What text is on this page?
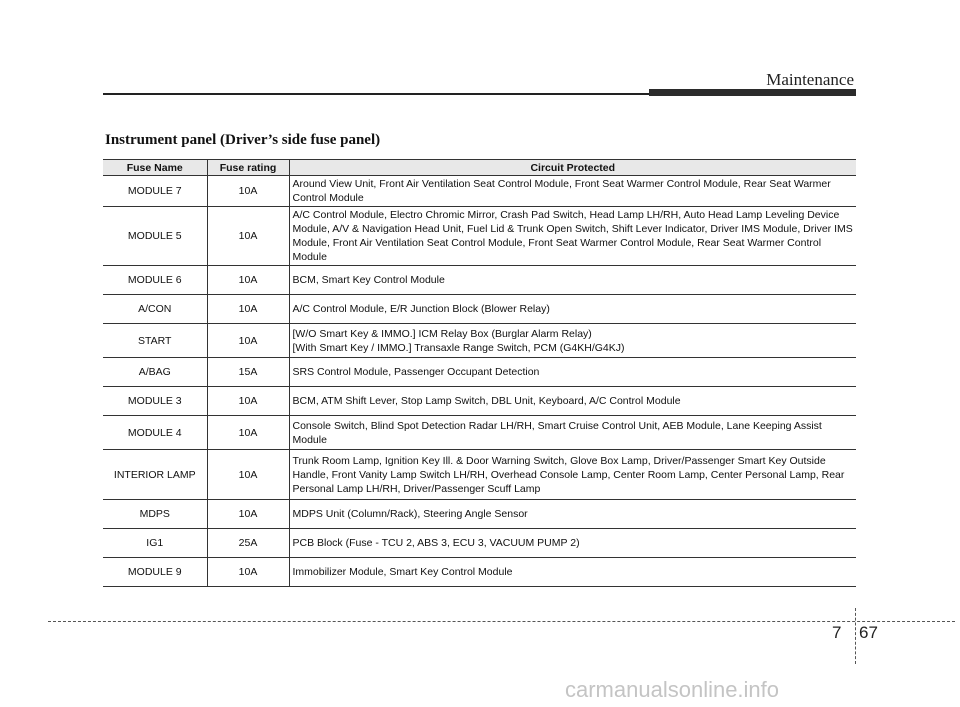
Maintenance
Instrument panel (Driver’s side fuse panel)
Fuse Name	Fuse rating	Circuit Protected
MODULE 7	10A	Around View Unit, Front Air Ventilation Seat Control Module, Front Seat Warmer Control Module, Rear Seat Warmer Control Module
MODULE 5	10A	A/C Control Module, Electro Chromic Mirror, Crash Pad Switch, Head Lamp LH/RH, Auto Head Lamp Leveling Device Module, A/V & Navigation Head Unit, Fuel Lid & Trunk Open Switch, Shift Lever Indicator, Driver IMS Module, Driver IMS Module, Front Air Ventilation Seat Control Module, Front Seat Warmer Control Module, Rear Seat Warmer Control Module
MODULE 6	10A	BCM, Smart Key Control Module
A/CON	10A	A/C Control Module, E/R Junction Block (Blower Relay)
START	10A	[W/O Smart Key & IMMO.] ICM Relay Box (Burglar Alarm Relay)
[With Smart Key / IMMO.] Transaxle Range Switch, PCM (G4KH/G4KJ)
A/BAG	15A	SRS Control Module, Passenger Occupant Detection
MODULE 3	10A	BCM, ATM Shift Lever, Stop Lamp Switch, DBL Unit, Keyboard, A/C Control Module
MODULE 4	10A	Console Switch, Blind Spot Detection Radar LH/RH, Smart Cruise Control Unit, AEB Module, Lane Keeping Assist Module
INTERIOR LAMP	10A	Trunk Room Lamp, Ignition Key Ill. & Door Warning Switch, Glove Box Lamp, Driver/Passenger Smart Key Outside Handle, Front Vanity Lamp Switch LH/RH, Overhead Console Lamp, Center Room Lamp, Center Personal Lamp, Rear Personal Lamp LH/RH, Driver/Passenger Scuff Lamp
MDPS	10A	MDPS Unit (Column/Rack), Steering Angle Sensor
IG1	25A	PCB Block (Fuse - TCU 2, ABS 3, ECU 3, VACUUM PUMP 2)
MODULE 9	10A	Immobilizer Module, Smart Key Control Module
7 67
carmanualsonline.info
